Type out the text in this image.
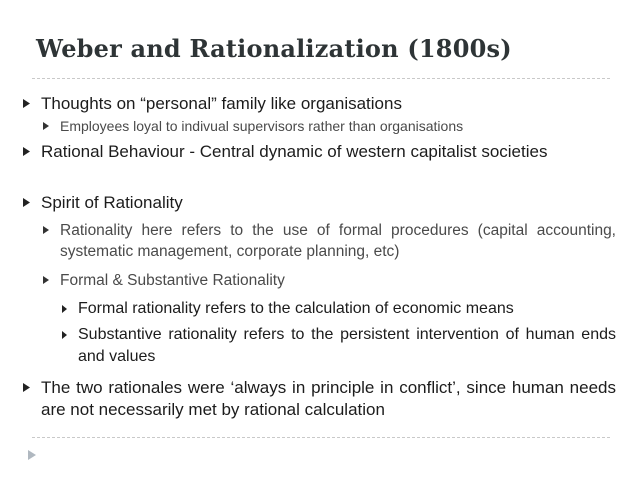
Weber and Rationalization (1800s)
Thoughts on “personal” family like organisations
Employees loyal to indivual supervisors rather than organisations
Rational Behaviour - Central dynamic of western capitalist societies
Spirit of Rationality
Rationality here refers to the use of formal procedures (capital accounting, systematic management, corporate planning, etc)
Formal & Substantive Rationality
Formal rationality refers to the calculation of economic means
Substantive rationality refers to the persistent intervention of human ends and values
The two rationales were ‘always in principle in conflict’, since human needs are not necessarily met by rational calculation
